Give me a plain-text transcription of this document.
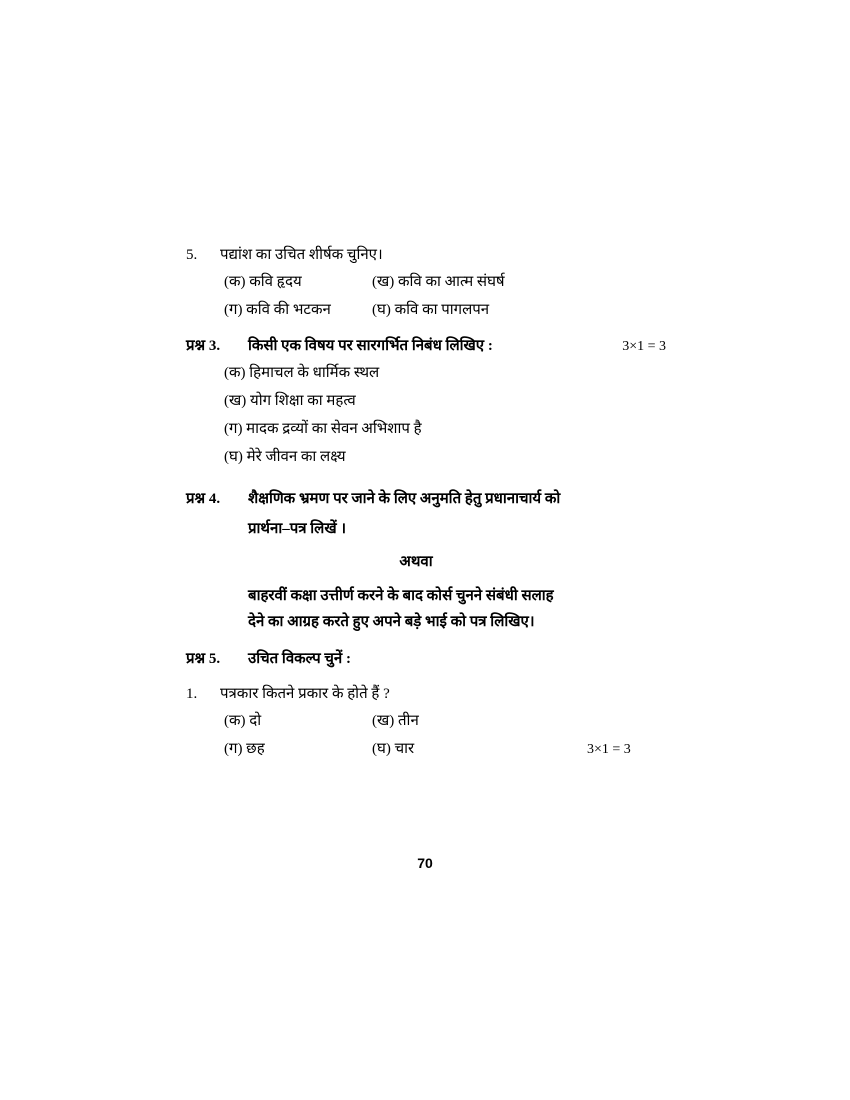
5.	पद्यांश का उचित शीर्षक चुनिए।
(क) कवि हृदय	(ख) कवि का आत्म संघर्ष
(ग) कवि की भटकन	(घ) कवि का पागलपन
प्रश्न 3.	किसी एक विषय पर सारगर्भित निबंध लिखिए :	3×1 = 3
(क) हिमाचल के धार्मिक स्थल
(ख) योग शिक्षा का महत्व
(ग) मादक द्रव्यों का सेवन अभिशाप है
(घ) मेरे जीवन का लक्ष्य
प्रश्न 4.	शैक्षणिक भ्रमण पर जाने के लिए अनुमति हेतु प्रधानाचार्य को
प्रार्थना–पत्र लिखें ।
अथवा
बाहरवीं कक्षा उत्तीर्ण करने के बाद कोर्स चुनने संबंधी सलाह
देने का आग्रह करते हुए अपने बड़े भाई को पत्र लिखिए।
प्रश्न 5.	उचित विकल्प चुनें :
1.	पत्रकार कितने प्रकार के होते हैं ?
(क) दो	(ख) तीन
(ग) छह	(घ) चार	3×1 = 3
70
